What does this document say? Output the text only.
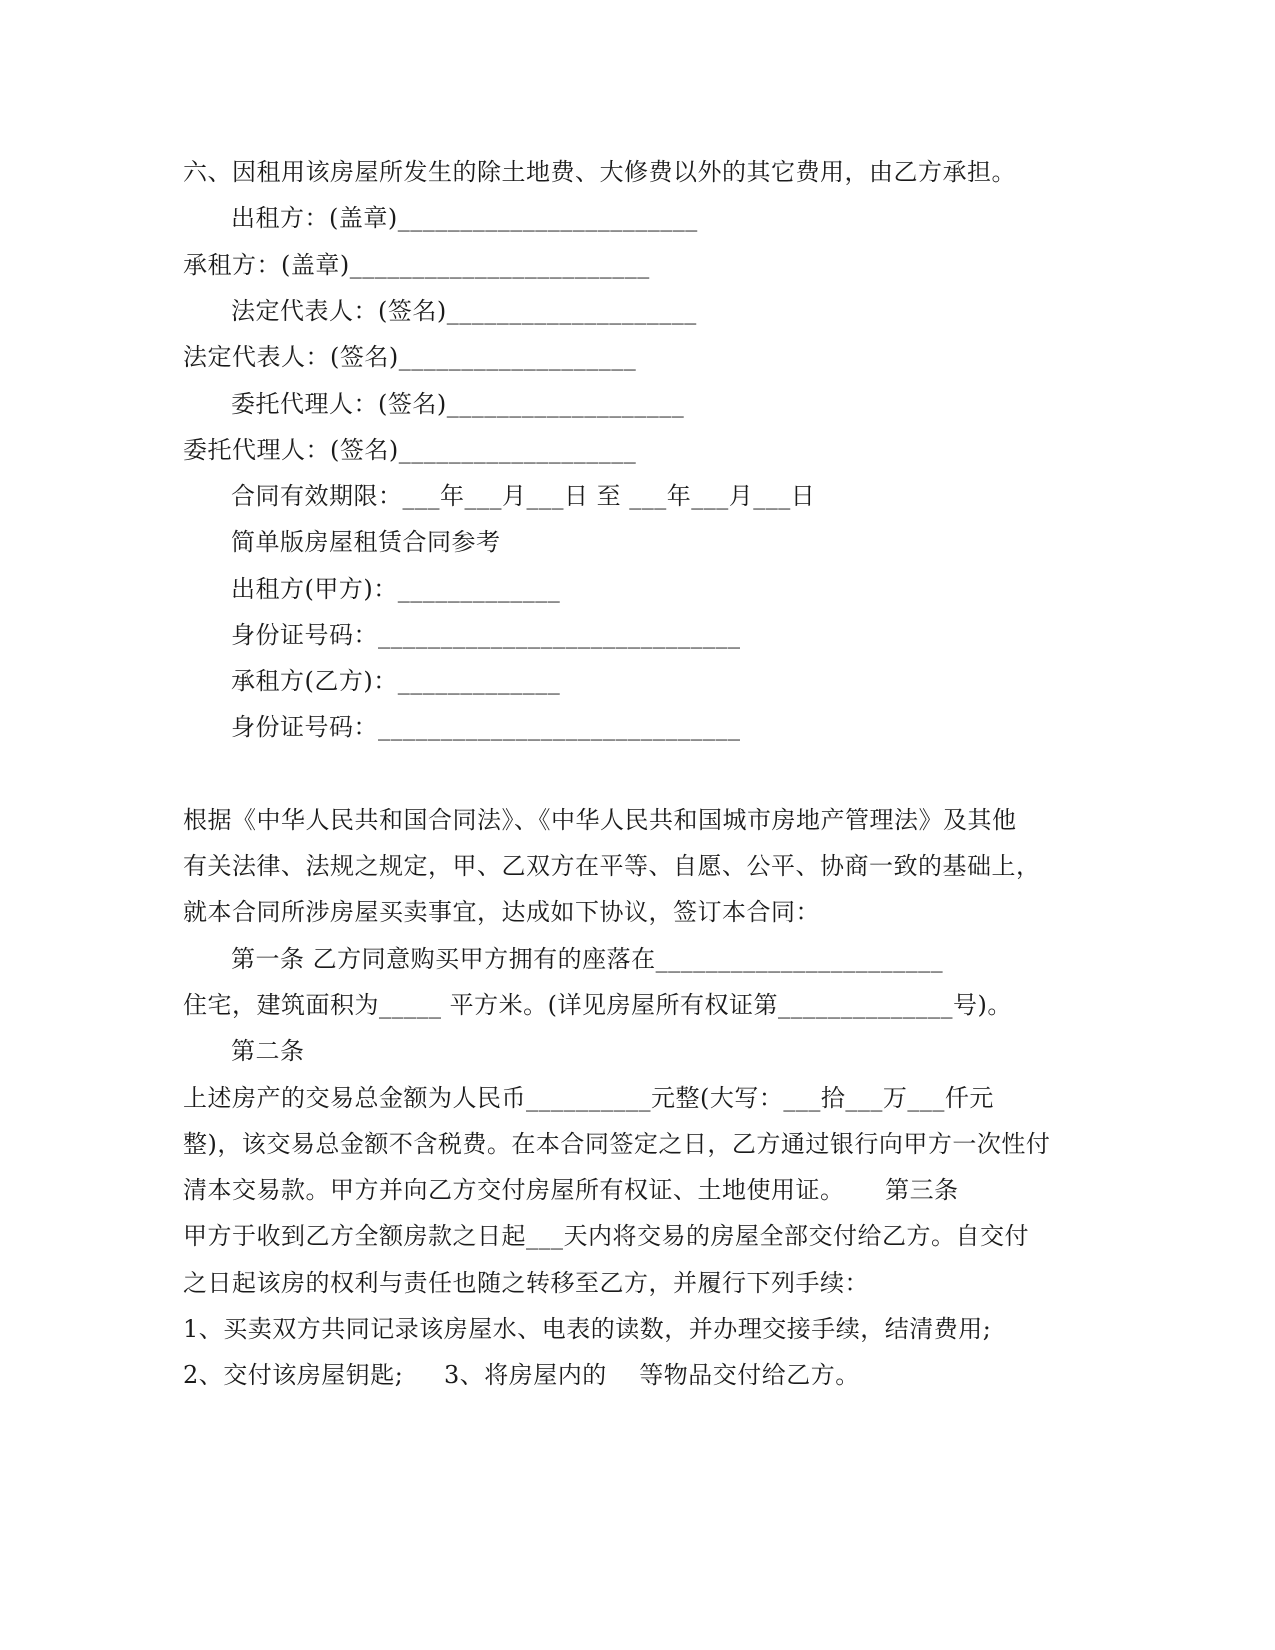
六、因租用该房屋所发生的除土地费、大修费以外的其它费用，由乙方承担。
出租方：(盖章)________________________
承租方：(盖章)________________________
法定代表人：(签名)____________________
法定代表人：(签名)___________________
委托代理人：(签名)___________________
委托代理人：(签名)___________________
合同有效期限：___年___月___日 至 ___年___月___日
简单版房屋租赁合同参考
出租方(甲方)：_____________
身份证号码：_____________________________
承租方(乙方)：_____________
身份证号码：_____________________________
根据《中华人民共和国合同法》、《中华人民共和国城市房地产管理法》及其他
有关法律、法规之规定，甲、乙双方在平等、自愿、公平、协商一致的基础上，
就本合同所涉房屋买卖事宜，达成如下协议，签订本合同：
第一条 乙方同意购买甲方拥有的座落在_______________________
住宅，建筑面积为_____ 平方米。(详见房屋所有权证第______________号)。
第二条
上述房产的交易总金额为人民币__________元整(大写：___拾___万___仟元
整)，该交易总金额不含税费。在本合同签定之日，乙方通过银行向甲方一次性付
清本交易款。甲方并向乙方交付房屋所有权证、土地使用证。     第三条
甲方于收到乙方全额房款之日起___天内将交易的房屋全部交付给乙方。自交付
之日起该房的权利与责任也随之转移至乙方，并履行下列手续：
1、买卖双方共同记录该房屋水、电表的读数，并办理交接手续，结清费用;
2、交付该房屋钥匙;     3、将房屋内的    等物品交付给乙方。
